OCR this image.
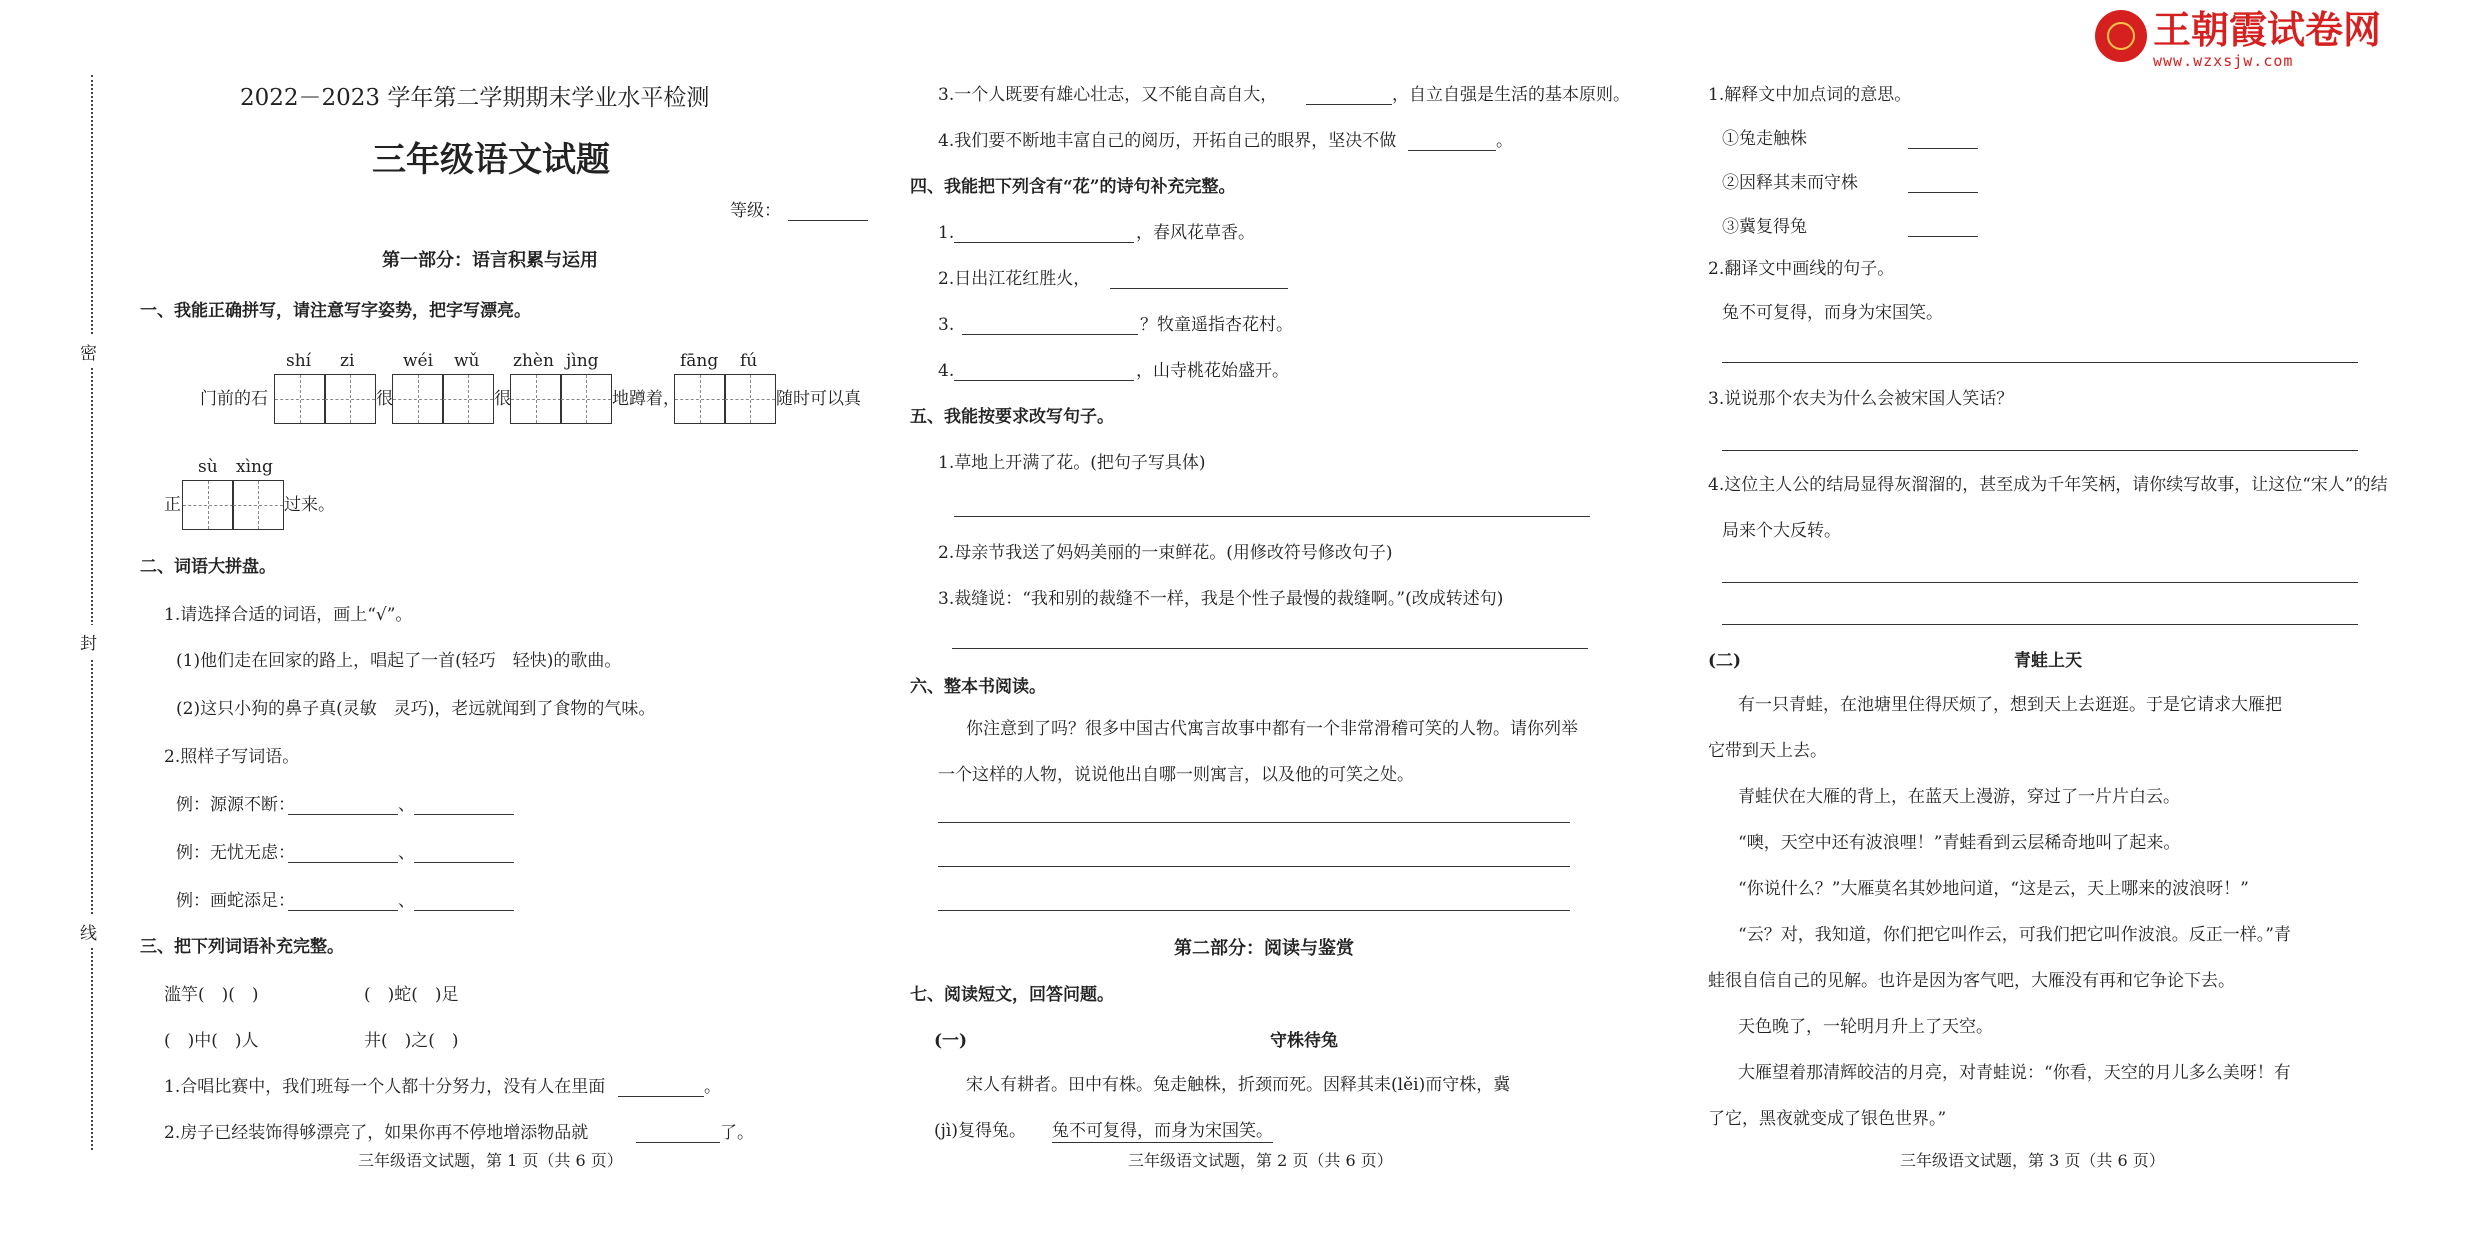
密
封
线
王朝霞试卷网
www.wzxsjw.com
2022－2023 学年第二学期期末学业水平检测
三年级语文试题
等级：
第一部分：语言积累与运用
一、我能正确拼写，请注意写字姿势，把字写漂亮。
shí zi	wéi wǔ zhèn jìng	fāng fú
门前的石	很	很	地蹲着，	随时可以真
sù xìng
正	过来。
二、词语大拼盘。
1.请选择合适的词语，画上“√”。
(1)他们走在回家的路上，唱起了一首(轻巧　轻快)的歌曲。
(2)这只小狗的鼻子真(灵敏　灵巧)，老远就闻到了食物的气味。
2.照样子写词语。
例：源源不断：	、
例：无忧无虑：	、
例：画蛇添足：	、
三、把下列词语补充完整。
滥竽(　)(　)	(　)蛇(　)足
(　)中(　)人	井(　)之(　)
1.合唱比赛中，我们班每一个人都十分努力，没有人在里面	。
2.房子已经装饰得够漂亮了，如果你再不停地增添物品就	了。
三年级语文试题，第 1 页（共 6 页）
3.一个人既要有雄心壮志，又不能自高自大，	，自立自强是生活的基本原则。
4.我们要不断地丰富自己的阅历，开拓自己的眼界，坚决不做	。
四、我能把下列含有“花”的诗句补充完整。
1.	，春风花草香。
2.日出江花红胜火，
3.	？牧童遥指杏花村。
4.	，山寺桃花始盛开。
五、我能按要求改写句子。
1.草地上开满了花。(把句子写具体)
2.母亲节我送了妈妈美丽的一束鲜花。(用修改符号修改句子)
3.裁缝说：“我和别的裁缝不一样，我是个性子最慢的裁缝啊。”(改成转述句)
六、整本书阅读。
你注意到了吗？很多中国古代寓言故事中都有一个非常滑稽可笑的人物。请你列举
一个这样的人物，说说他出自哪一则寓言，以及他的可笑之处。
第二部分：阅读与鉴赏
七、阅读短文，回答问题。
(一)	守株待兔
宋人有耕者。田中有株。兔走触株，折颈而死。因释其耒(lěi)而守株，冀
(jì)复得兔。 兔不可复得，而身为宋国笑。
三年级语文试题，第 2 页（共 6 页）
1.解释文中加点词的意思。
①兔走触株
②因释其耒而守株
③冀复得兔
2.翻译文中画线的句子。
兔不可复得，而身为宋国笑。
3.说说那个农夫为什么会被宋国人笑话？
4.这位主人公的结局显得灰溜溜的，甚至成为千年笑柄，请你续写故事，让这位“宋人”的结
局来个大反转。
(二)	青蛙上天
有一只青蛙，在池塘里住得厌烦了，想到天上去逛逛。于是它请求大雁把
它带到天上去。
青蛙伏在大雁的背上，在蓝天上漫游，穿过了一片片白云。
“噢，天空中还有波浪哩！”青蛙看到云层稀奇地叫了起来。
“你说什么？”大雁莫名其妙地问道，“这是云，天上哪来的波浪呀！”
“云？对，我知道，你们把它叫作云，可我们把它叫作波浪。反正一样。”青
蛙很自信自己的见解。也许是因为客气吧，大雁没有再和它争论下去。
天色晚了，一轮明月升上了天空。
大雁望着那清辉皎洁的月亮，对青蛙说：“你看，天空的月儿多么美呀！有
了它，黑夜就变成了银色世界。”
三年级语文试题，第 3 页（共 6 页）
